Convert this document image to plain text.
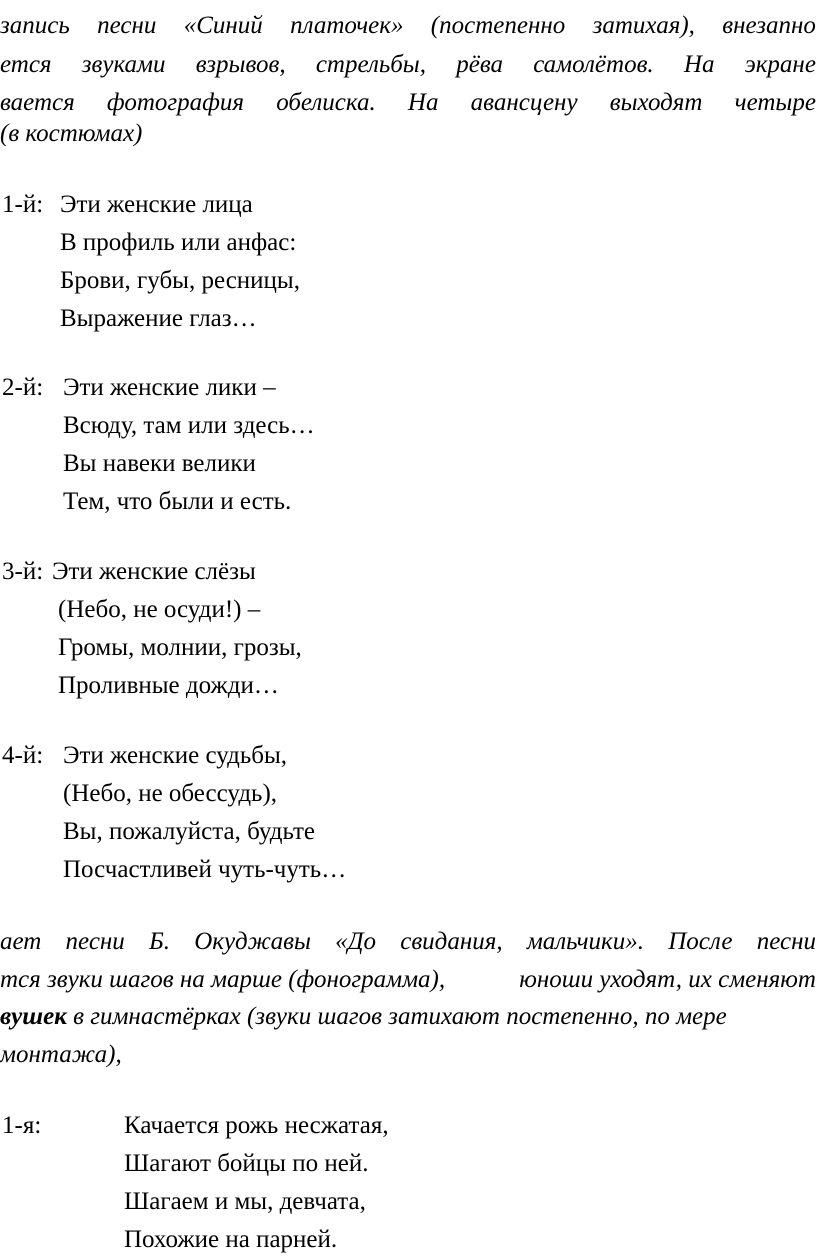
запись песни «Синий платочек» (постепенно затихая), внезапно
ется звуками взрывов, стрельбы, рёва самолётов. На экране
вается фотография обелиска. На авансцену выходят четыре
(в костюмах)
1-й: Эти женские лица
В профиль или анфас:
Брови, губы, ресницы,
Выражение глаз…
2-й: Эти женские лики –
Всюду, там или здесь…
Вы навеки велики
Тем, что были и есть.
3-й: Эти женские слёзы
(Небо, не осуди!) –
Громы, молнии, грозы,
Проливные дожди…
4-й: Эти женские судьбы,
(Небо, не обессудь),
Вы, пожалуйста, будьте
Посчастливей чуть-чуть…
ает песни Б. Окуджавы «До свидания, мальчики». После песни
тся звуки шагов на марше (фонограмма),	юноши уходят, их сменяют
вушек в гимнастёрках (звуки шагов затихают постепенно, по мере
монтажа),
1-я:	Качается рожь несжатая,
Шагают бойцы по ней.
Шагаем и мы, девчата,
Похожие на парней.
